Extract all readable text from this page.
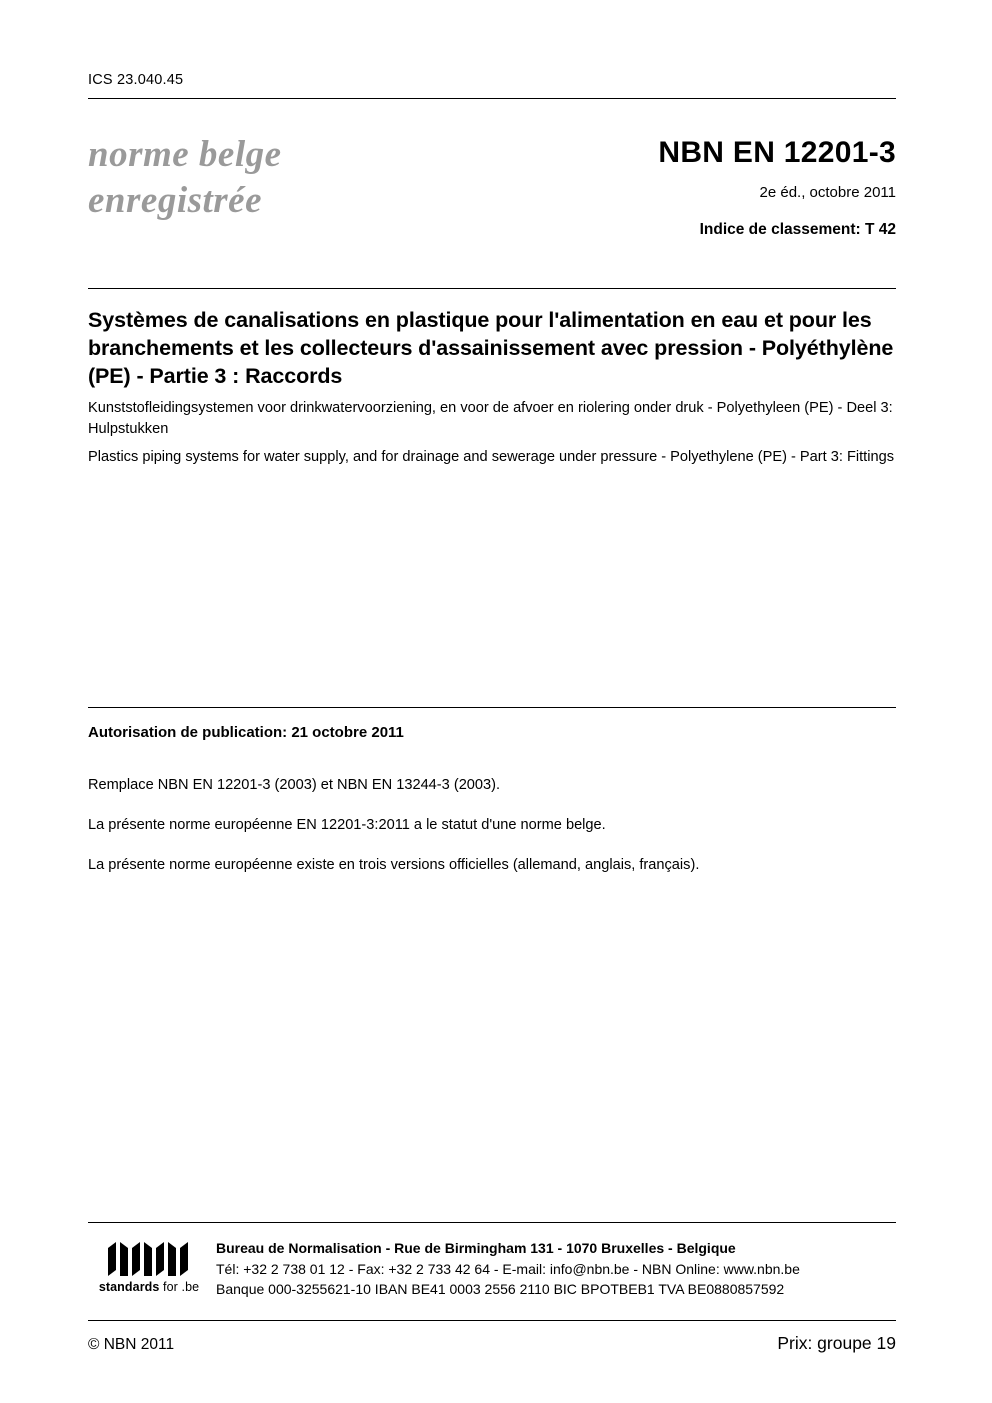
ICS 23.040.45
norme belge
enregistrée
NBN EN 12201-3
2e éd., octobre 2011
Indice de classement: T 42
Systèmes de canalisations en plastique pour l'alimentation en eau et pour les branchements et les collecteurs d'assainissement avec pression - Polyéthylène (PE) - Partie 3 : Raccords
Kunststofleidingsystemen voor drinkwatervoorziening, en voor de afvoer en riolering onder druk - Polyethyleen (PE) - Deel 3: Hulpstukken
Plastics piping systems for water supply, and for drainage and sewerage under pressure - Polyethylene (PE) - Part 3: Fittings
Autorisation de publication: 21 octobre 2011
Remplace NBN EN 12201-3 (2003) et NBN EN 13244-3 (2003).
La présente norme européenne EN 12201-3:2011 a le statut d'une norme belge.
La présente norme européenne existe en trois versions officielles (allemand, anglais, français).
standards for .be
Bureau de Normalisation - Rue de Birmingham 131 - 1070 Bruxelles - Belgique
Tél: +32 2 738 01 12 - Fax: +32 2 733 42 64 - E-mail: info@nbn.be - NBN Online: www.nbn.be
Banque 000-3255621-10 IBAN BE41 0003 2556 2110 BIC BPOTBEB1 TVA BE0880857592
© NBN 2011	Prix: groupe 19
